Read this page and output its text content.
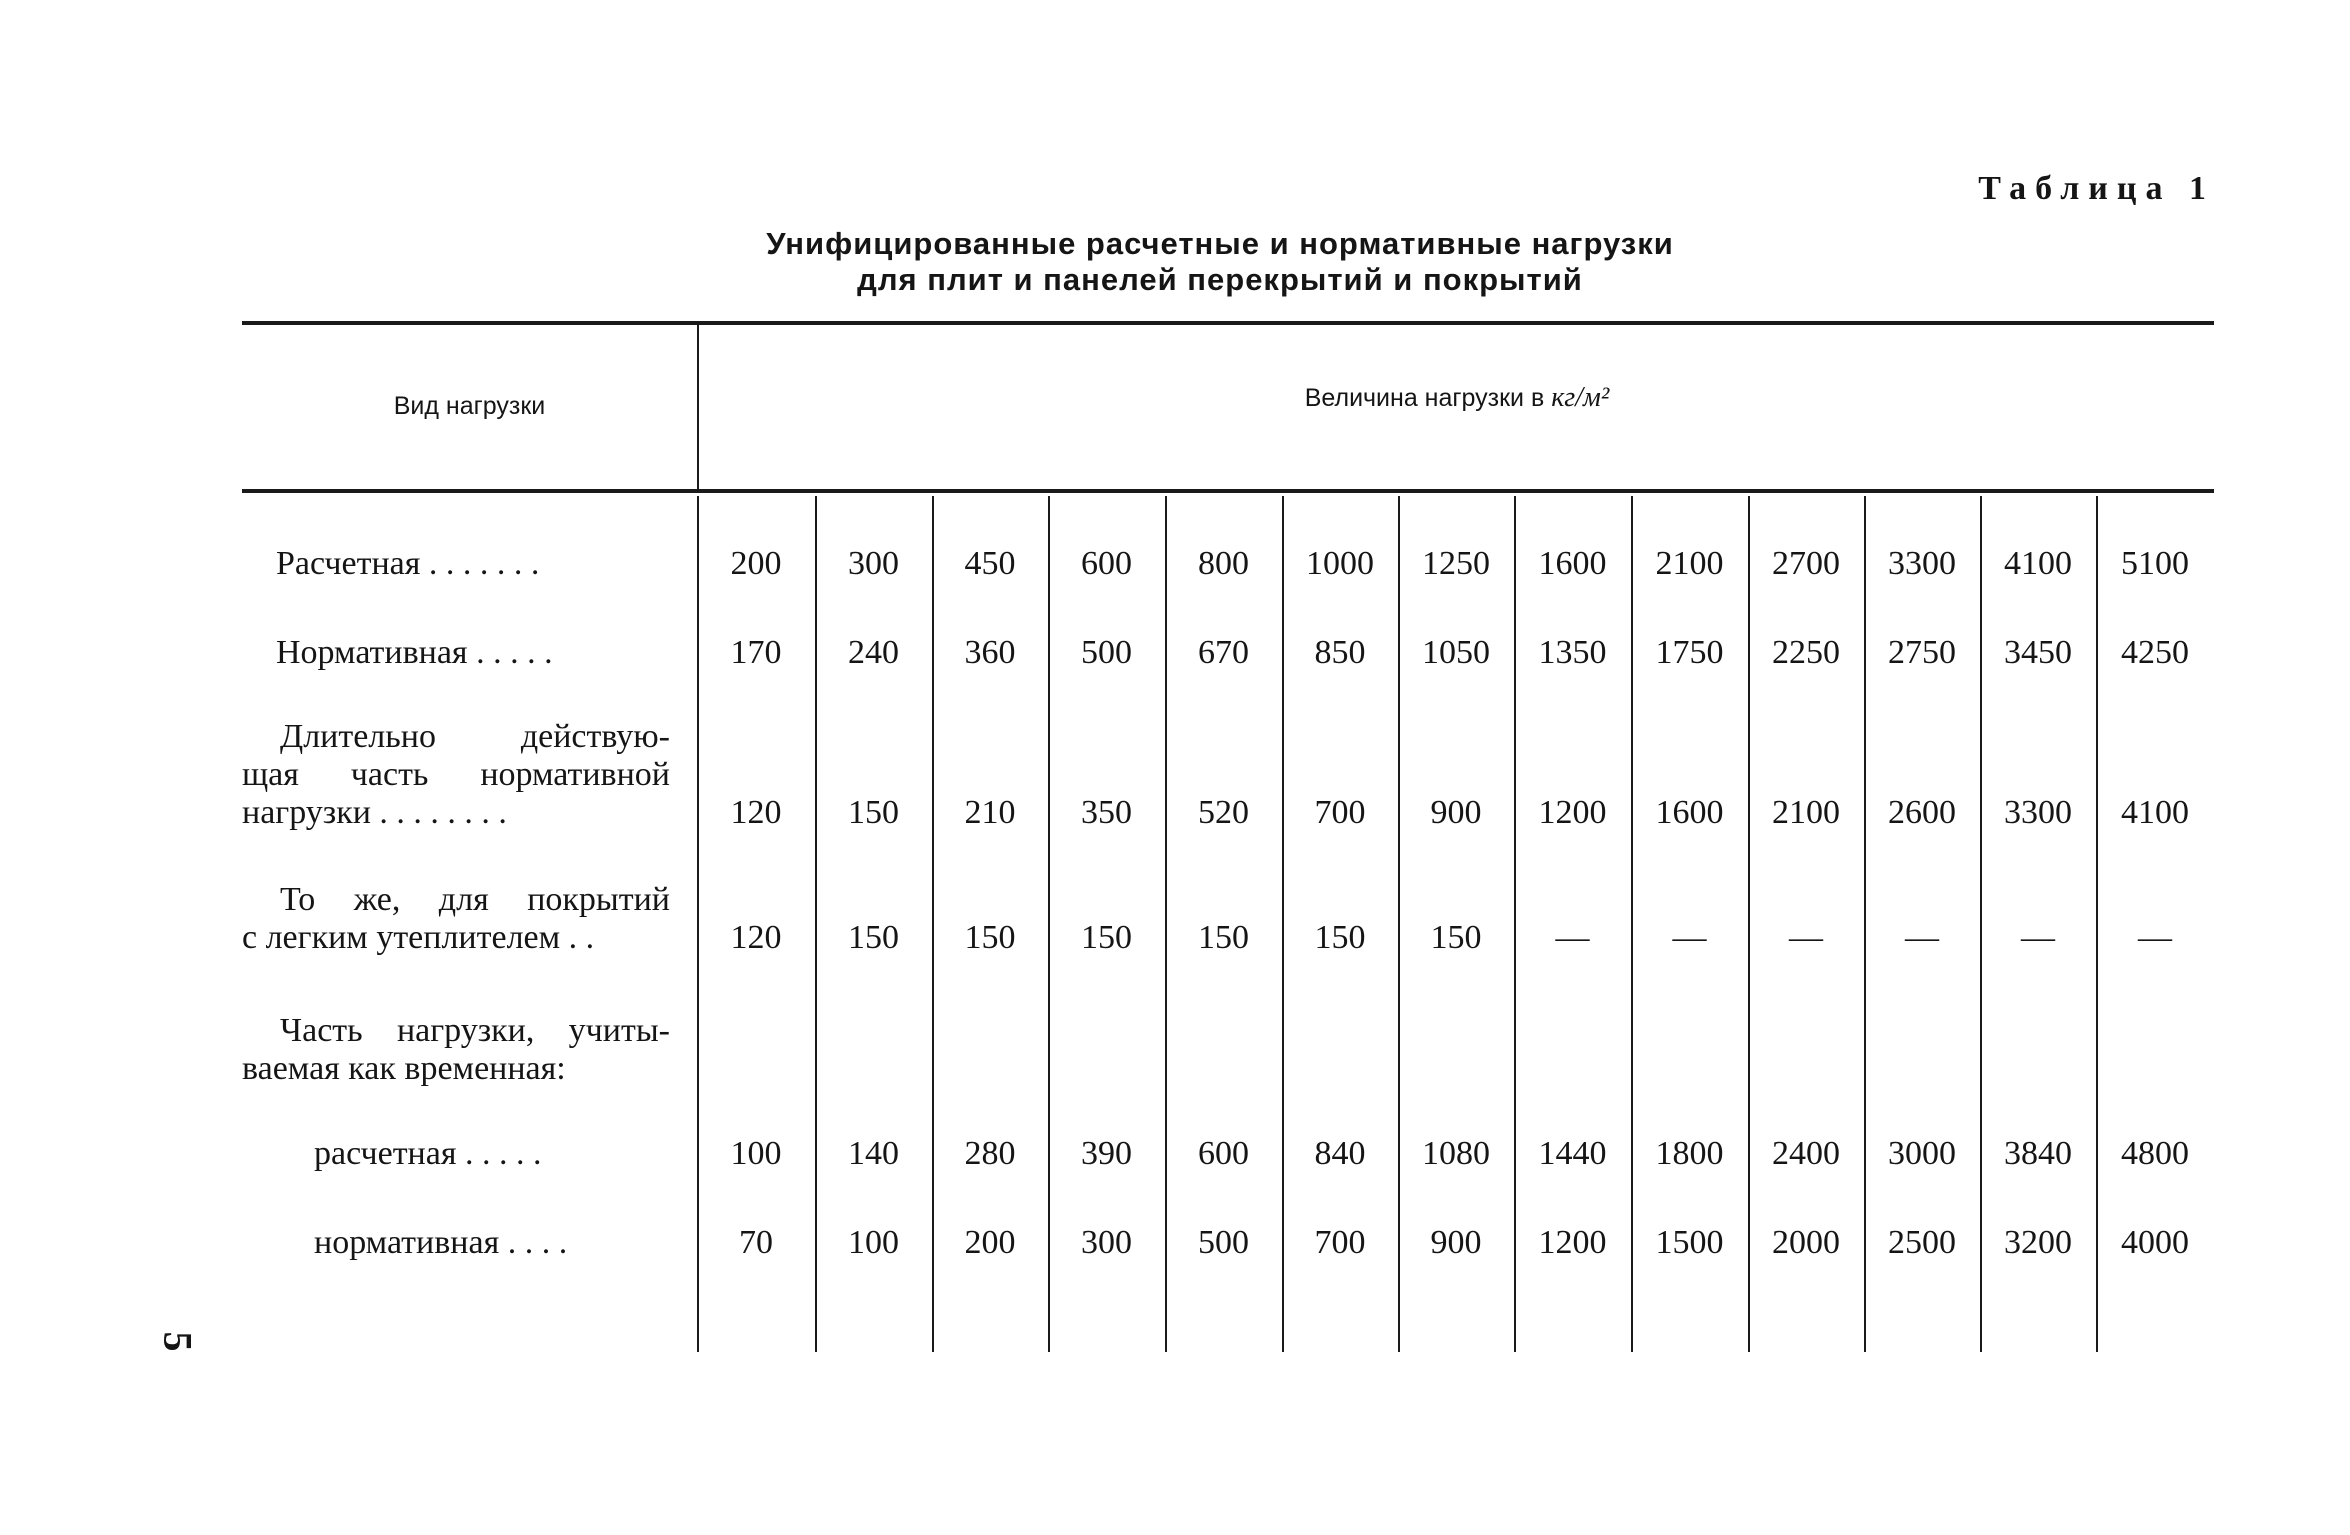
Таблица 1
Унифицированные расчетные и нормативные нагрузки
для плит и панелей перекрытий и покрытий
Вид нагрузки	Величина нагрузки в кг/м²
Расчетная . . . . . . .	200	300	450	600	800	1000	1250	1600	2100	2700	3300	4100	5100
Нормативная . . . . .	170	240	360	500	670	850	1050	1350	1750	2250	2750	3450	4250
Длительно действую-
щая часть нормативной
нагрузки . . . . . . . .	120	150	210	350	520	700	900	1200	1600	2100	2600	3300	4100
То же, для покрытий
с легким утеплителем . .	120	150	150	150	150	150	150	—	—	—	—	—	—
Часть нагрузки, учиты-
ваемая как временная:
расчетная . . . . .	100	140	280	390	600	840	1080	1440	1800	2400	3000	3840	4800
нормативная . . . .	70	100	200	300	500	700	900	1200	1500	2000	2500	3200	4000
5
